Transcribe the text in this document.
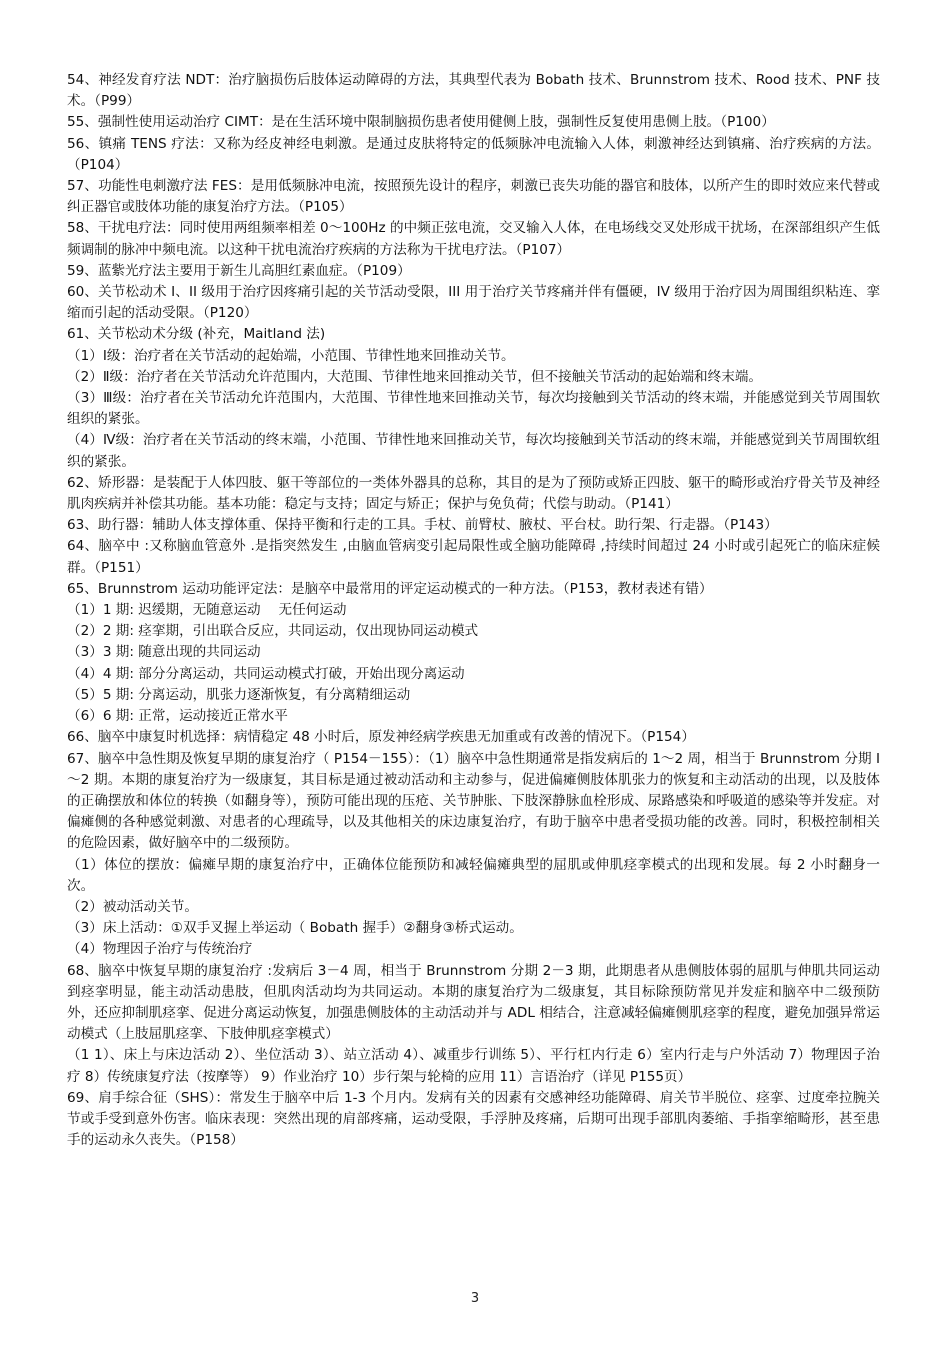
54、神经发育疗法 NDT：治疗脑损伤后肢体运动障碍的方法，其典型代表为 Bobath 技术、Brunnstrom 技术、Rood 技术、PNF 技术。（P99）

55、强制性使用运动治疗 CIMT：是在生活环境中限制脑损伤患者使用健侧上肢，强制性反复使用患侧上肢。（P100）

56、镇痛 TENS 疗法：又称为经皮神经电刺激。是通过皮肤将特定的低频脉冲电流输入人体，刺激神经达到镇痛、治疗疾病的方法。（P104）

57、功能性电刺激疗法 FES：是用低频脉冲电流，按照预先设计的程序，刺激已丧失功能的器官和肢体，以所产生的即时效应来代替或纠正器官或肢体功能的康复治疗方法。（P105）

58、干扰电疗法：同时使用两组频率相差 0～100Hz 的中频正弦电流，交叉输入人体，在电场线交叉处形成干扰场，在深部组织产生低频调制的脉冲中频电流。以这种干扰电流治疗疾病的方法称为干扰电疗法。（P107）

59、蓝紫光疗法主要用于新生儿高胆红素血症。（P109）

60、关节松动术 I、II 级用于治疗因疼痛引起的关节活动受限，III 用于治疗关节疼痛并伴有僵硬，IV 级用于治疗因为周围组织粘连、挛缩而引起的活动受限。（P120）

61、关节松动术分级 (补充，Maitland 法)

（1）Ⅰ级：治疗者在关节活动的起始端，小范围、节律性地来回推动关节。

（2）Ⅱ级：治疗者在关节活动允许范围内，大范围、节律性地来回推动关节，但不接触关节活动的起始端和终末端。

（3）Ⅲ级：治疗者在关节活动允许范围内，大范围、节律性地来回推动关节，每次均接触到关节活动的终末端，并能感觉到关节周围软组织的紧张。

（4）Ⅳ级：治疗者在关节活动的终末端，小范围、节律性地来回推动关节，每次均接触到关节活动的终末端，并能感觉到关节周围软组织的紧张。

62、矫形器：是装配于人体四肢、躯干等部位的一类体外器具的总称，其目的是为了预防或矫正四肢、躯干的畸形或治疗骨关节及神经肌肉疾病并补偿其功能。基本功能：稳定与支持；固定与矫正；保护与免负荷；代偿与助动。（P141）

63、助行器：辅助人体支撑体重、保持平衡和行走的工具。手杖、前臂杖、腋杖、平台杖。助行架、行走器。（P143）

64、脑卒中 :又称脑血管意外 .是指突然发生 ,由脑血管病变引起局限性或全脑功能障碍 ,持续时间超过 24 小时或引起死亡的临床症候群。（P151）

65、Brunnstrom 运动功能评定法：是脑卒中最常用的评定运动模式的一种方法。（P153，教材表述有错）

（1）1 期: 迟缓期，无随意运动　 无任何运动

（2）2 期: 痉挛期，引出联合反应，共同运动，仅出现协同运动模式

（3）3 期: 随意出现的共同运动

（4）4 期: 部分分离运动，共同运动模式打破，开始出现分离运动

（5）5 期: 分离运动，肌张力逐渐恢复，有分离精细运动

（6）6 期: 正常，运动接近正常水平

66、脑卒中康复时机选择：病情稳定 48 小时后，原发神经病学疾患无加重或有改善的情况下。（P154）

67、脑卒中急性期及恢复早期的康复治疗（ P154－155）：（1）脑卒中急性期通常是指发病后的 1～2 周，相当于 Brunnstrom 分期 I～2 期。本期的康复治疗为一级康复，其目标是通过被动活动和主动参与，促进偏瘫侧肢体肌张力的恢复和主动活动的出现，以及肢体的正确摆放和体位的转换（如翻身等），预防可能出现的压疮、关节肿胀、下肢深静脉血栓形成、尿路感染和呼吸道的感染等并发症。对偏瘫侧的各种感觉刺激、对患者的心理疏导，以及其他相关的床边康复治疗，有助于脑卒中患者受损功能的改善。同时，积极控制相关的危险因素，做好脑卒中的二级预防。

（1）体位的摆放：偏瘫早期的康复治疗中，正确体位能预防和减轻偏瘫典型的屈肌或伸肌痉挛模式的出现和发展。每 2 小时翻身一次。

（2）被动活动关节。

（3）床上活动：①双手叉握上举运动（ Bobath 握手）②翻身③桥式运动。

（4）物理因子治疗与传统治疗

68、脑卒中恢复早期的康复治疗 :发病后 3－4 周，相当于 Brunnstrom 分期 2－3 期，此期患者从患侧肢体弱的屈肌与伸肌共同运动到痉挛明显，能主动活动患肢，但肌肉活动均为共同运动。本期的康复治疗为二级康复，其目标除预防常见并发症和脑卒中二级预防外，还应抑制肌痉挛、促进分离运动恢复，加强患侧肢体的主动活动并与 ADL 相结合，注意减轻偏瘫侧肌痉挛的程度，避免加强异常运动模式（上肢屈肌痉挛、下肢伸肌痉挛模式）

（1 1）、床上与床边活动 2）、坐位活动 3）、站立活动 4）、减重步行训练 5）、平行杠内行走 6）室内行走与户外活动 7）物理因子治疗 8）传统康复疗法（按摩等） 9）作业治疗 10）步行架与轮椅的应用 11）言语治疗（详见 P155页）

69、肩手综合征（SHS）：常发生于脑卒中后 1-3 个月内。发病有关的因素有交感神经功能障碍、肩关节半脱位、痉挛、过度牵拉腕关节或手受到意外伤害。临床表现：突然出现的肩部疼痛，运动受限，手浮肿及疼痛，后期可出现手部肌肉萎缩、手指挛缩畸形，甚至患手的运动永久丧失。（P158）

3
